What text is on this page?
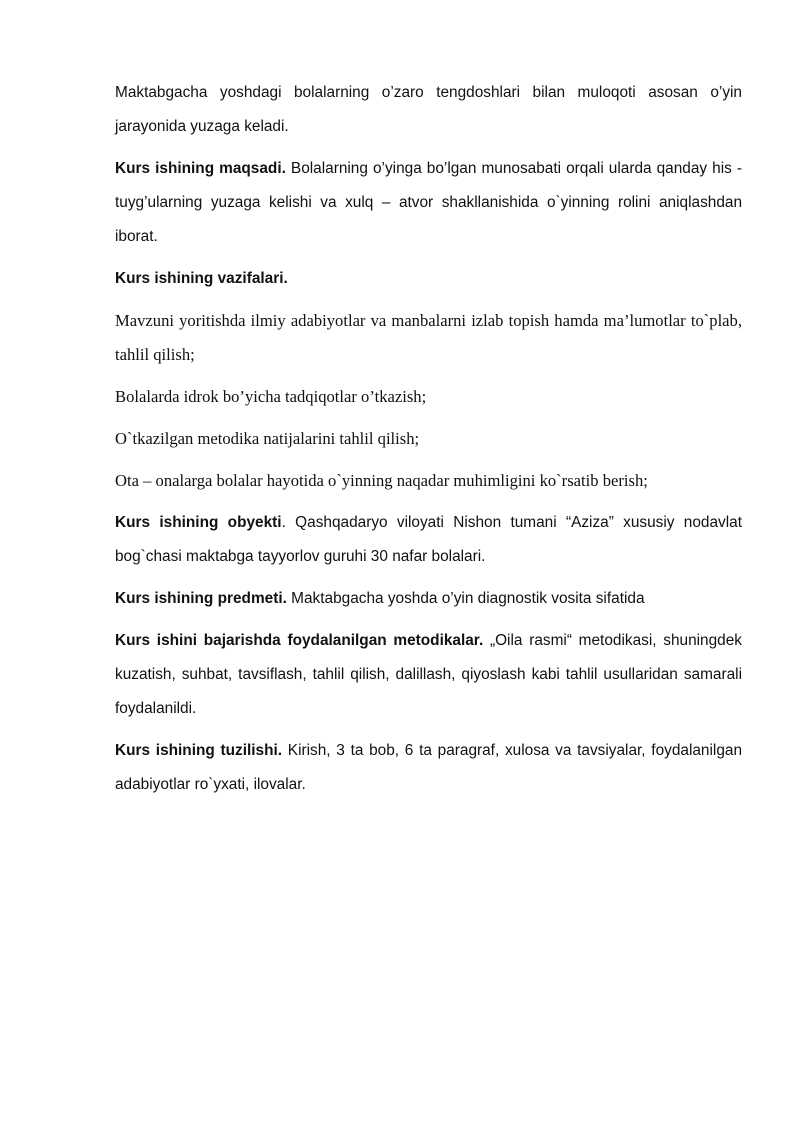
Maktabgacha yoshdagi bolalarning o’zaro tengdoshlari bilan muloqoti asosan o’yin jarayonida yuzaga keladi.

Kurs ishining maqsadi. Bolalarning o’yinga bo’lgan munosabati orqali ularda qanday his - tuyg’ularning yuzaga kelishi va xulq – atvor shakllanishida o`yinning rolini aniqlashdan iborat.

Kurs ishining vazifalari.

Mavzuni yoritishda ilmiy adabiyotlar va manbalarni izlab topish hamda ma’lumotlar to`plab, tahlil qilish;

Bolalarda idrok bo’yicha tadqiqotlar o’tkazish;

O`tkazilgan metodika natijalarini tahlil qilish;

Ota – onalarga bolalar hayotida o`yinning naqadar muhimligini ko`rsatib berish;

Kurs ishining obyekti. Qashqadaryo viloyati Nishon tumani “Aziza” xususiy nodavlat bog`chasi maktabga tayyorlov guruhi 30 nafar bolalari.

Kurs ishining predmeti. Maktabgacha yoshda o’yin diagnostik vosita sifatida

Kurs ishini bajarishda foydalanilgan metodikalar. „Oila rasmi“ metodikasi, shuningdek kuzatish, suhbat, tavsiflash, tahlil qilish, dalillash, qiyoslash kabi tahlil usullaridan samarali foydalanildi.

Kurs ishining tuzilishi. Kirish, 3 ta bob, 6 ta paragraf, xulosa va tavsiyalar, foydalanilgan adabiyotlar ro`yxati, ilovalar.
